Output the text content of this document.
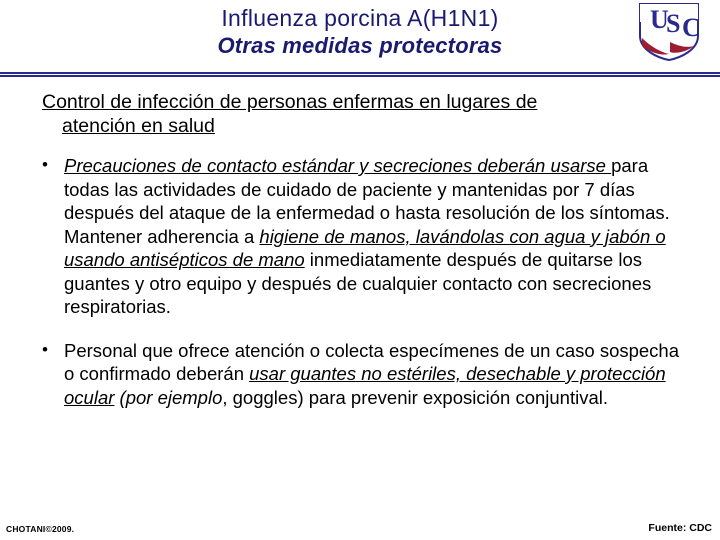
Influenza porcina A(H1N1)
Otras medidas protectoras
U
S C
Control de infección de personas enfermas en lugares de
atención en salud
• Precauciones de contacto estándar y secreciones deberán usarse para todas las actividades de cuidado de paciente y mantenidas por 7 días después del ataque de la enfermedad o hasta resolución de los síntomas. Mantener adherencia a higiene de manos, lavándolas con agua y jabón o usando antisépticos de mano inmediatamente después de quitarse los guantes y otro equipo y después de cualquier contacto con secreciones respiratorias.
• Personal que ofrece atención o colecta especímenes de un caso sospecha o confirmado deberán usar guantes no estériles, desechable y protección ocular (por ejemplo, goggles) para prevenir exposición conjuntival.
CHOTANI©2009.	Fuente: CDC
